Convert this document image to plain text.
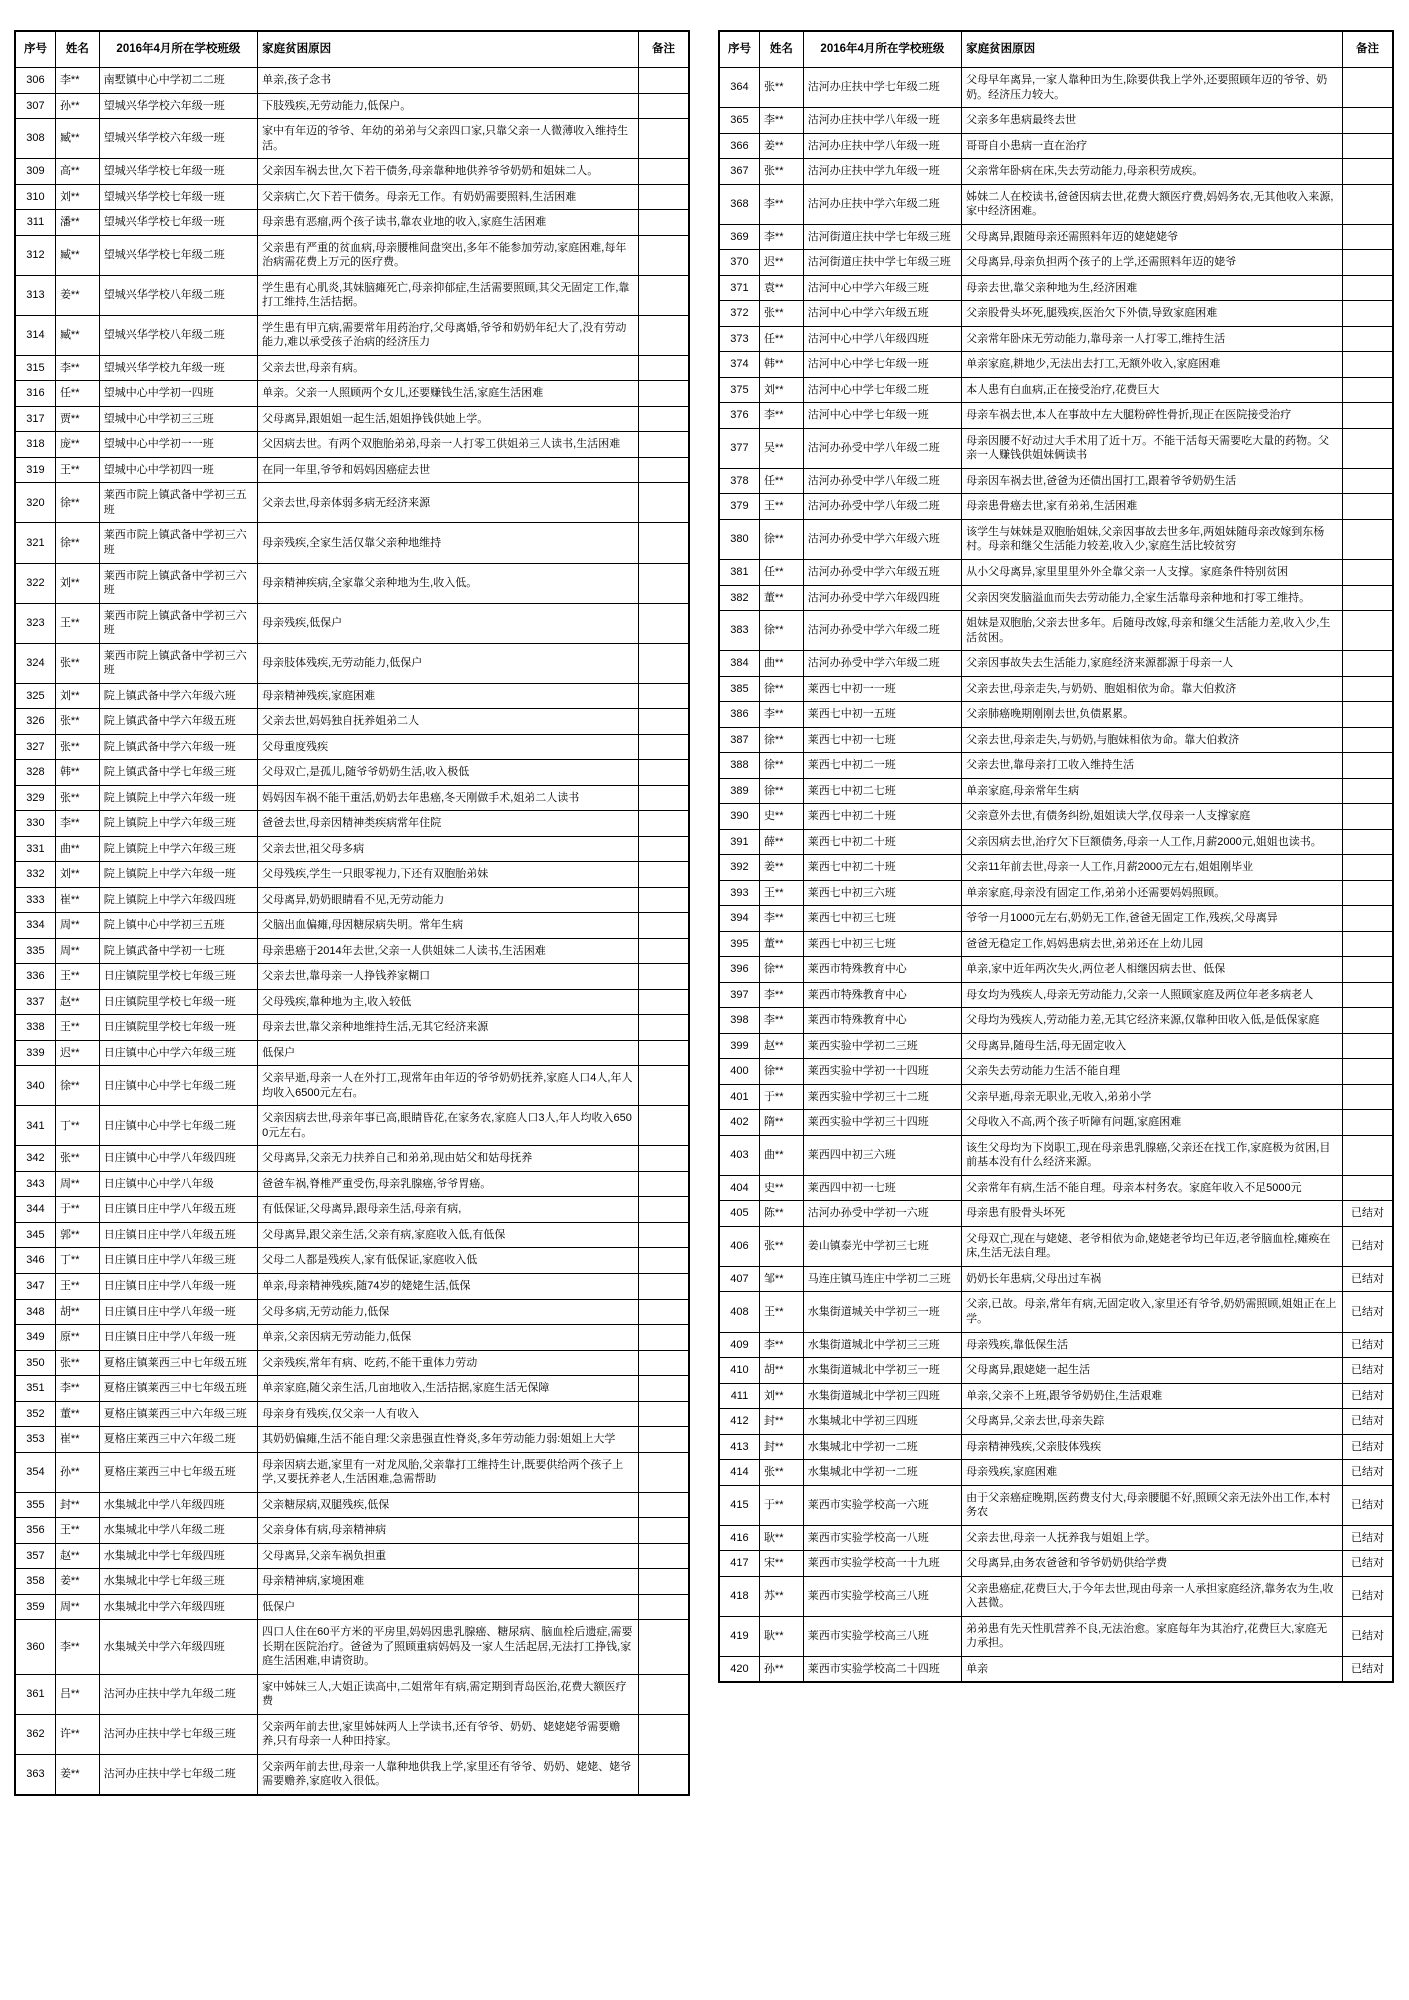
序号	姓名	2016年4月所在学校班级	家庭贫困原因	备注
306	李**	南墅镇中心中学初二二班	单亲,孩子念书	
307	孙**	望城兴华学校六年级一班	下肢残疾,无劳动能力,低保户。	
308	臧**	望城兴华学校六年级一班	家中有年迈的爷爷、年幼的弟弟与父亲四口家,只靠父亲一人微薄收入维持生活。	
309	高**	望城兴华学校七年级一班	父亲因车祸去世,欠下若干债务,母亲靠种地供养爷爷奶奶和姐妹二人。	
310	刘**	望城兴华学校七年级一班	父亲病亡,欠下若干债务。母亲无工作。有奶奶需要照料,生活困难	
311	潘**	望城兴华学校七年级一班	母亲患有恶瘤,两个孩子读书,靠农业地的收入,家庭生活困难	
312	臧**	望城兴华学校七年级二班	父亲患有严重的贫血病,母亲腰椎间盘突出,多年不能参加劳动,家庭困难,每年治病需花费上万元的医疗费。	
313	姜**	望城兴华学校八年级二班	学生患有心肌炎,其妹脑瘫死亡,母亲抑郁症,生活需要照顾,其父无固定工作,靠打工维持,生活拮据。	
314	臧**	望城兴华学校八年级二班	学生患有甲亢病,需要常年用药治疗,父母离婚,爷爷和奶奶年纪大了,没有劳动能力,难以承受孩子治病的经济压力	
315	李**	望城兴华学校九年级一班	父亲去世,母亲有病。	
316	任**	望城中心中学初一四班	单亲。父亲一人照顾两个女儿,还要赚钱生活,家庭生活困难	
317	贾**	望城中心中学初三三班	父母离异,跟姐姐一起生活,姐姐挣钱供她上学。	
318	庞**	望城中心中学初一一班	父因病去世。有两个双胞胎弟弟,母亲一人打零工供姐弟三人读书,生活困难	
319	王**	望城中心中学初四一班	在同一年里,爷爷和妈妈因癌症去世	
320	徐**	莱西市院上镇武备中学初三五班	父亲去世,母亲体弱多病无经济来源	
321	徐**	莱西市院上镇武备中学初三六班	母亲残疾,全家生活仅靠父亲种地维持	
322	刘**	莱西市院上镇武备中学初三六班	母亲精神疾病,全家靠父亲种地为生,收入低。	
323	王**	莱西市院上镇武备中学初三六班	母亲残疾,低保户	
324	张**	莱西市院上镇武备中学初三六班	母亲肢体残疾,无劳动能力,低保户	
325	刘**	院上镇武备中学六年级六班	母亲精神残疾,家庭困难	
326	张**	院上镇武备中学六年级五班	父亲去世,妈妈独自抚养姐弟二人	
327	张**	院上镇武备中学六年级一班	父母重度残疾	
328	韩**	院上镇武备中学七年级三班	父母双亡,是孤儿,随爷爷奶奶生活,收入极低	
329	张**	院上镇院上中学六年级一班	妈妈因车祸不能干重活,奶奶去年患癌,冬天刚做手术,姐弟二人读书	
330	李**	院上镇院上中学六年级三班	爸爸去世,母亲因精神类疾病常年住院	
331	曲**	院上镇院上中学六年级三班	父亲去世,祖父母多病	
332	刘**	院上镇院上中学六年级一班	父母残疾,学生一只眼零视力,下还有双胞胎弟妹	
333	崔**	院上镇院上中学六年级四班	父母离异,奶奶眼睛看不见,无劳动能力	
334	周**	院上镇中心中学初三五班	父脑出血偏瘫,母因糖尿病失明。常年生病	
335	周**	院上镇武备中学初一七班	母亲患癌于2014年去世,父亲一人供姐妹二人读书,生活困难	
336	王**	日庄镇院里学校七年级三班	父亲去世,靠母亲一人挣钱养家糊口	
337	赵**	日庄镇院里学校七年级一班	父母残疾,靠种地为主,收入较低	
338	王**	日庄镇院里学校七年级一班	母亲去世,靠父亲种地维持生活,无其它经济来源	
339	迟**	日庄镇中心中学六年级三班	低保户	
340	徐**	日庄镇中心中学七年级二班	父亲早逝,母亲一人在外打工,现常年由年迈的爷爷奶奶抚养,家庭人口4人,年人均收入6500元左右。	
341	丁**	日庄镇中心中学七年级二班	父亲因病去世,母亲年事已高,眼睛昏花,在家务农,家庭人口3人,年人均收入6500元左右。	
342	张**	日庄镇中心中学八年级四班	父母离异,父亲无力扶养自己和弟弟,现由姑父和姑母抚养	
343	周**	日庄镇中心中学八年级	爸爸车祸,脊椎严重受伤,母亲乳腺癌,爷爷胃癌。	
344	于**	日庄镇日庄中学八年级五班	有低保证,父母离异,跟母亲生活,母亲有病,	
345	郭**	日庄镇日庄中学八年级五班	父母离异,跟父亲生活,父亲有病,家庭收入低,有低保	
346	丁**	日庄镇日庄中学八年级三班	父母二人都是残疾人,家有低保证,家庭收入低	
347	王**	日庄镇日庄中学八年级一班	单亲,母亲精神残疾,随74岁的姥姥生活,低保	
348	胡**	日庄镇日庄中学八年级一班	父母多病,无劳动能力,低保	
349	原**	日庄镇日庄中学八年级一班	单亲,父亲因病无劳动能力,低保	
350	张**	夏格庄镇莱西三中七年级五班	父亲残疾,常年有病、吃药,不能干重体力劳动	
351	李**	夏格庄镇莱西三中七年级五班	单亲家庭,随父亲生活,几亩地收入,生活拮据,家庭生活无保障	
352	董**	夏格庄镇莱西三中六年级三班	母亲身有残疾,仅父亲一人有收入	
353	崔**	夏格庄莱西三中六年级二班	其奶奶偏瘫,生活不能自理:父亲患强直性脊炎,多年劳动能力弱:姐姐上大学	
354	孙**	夏格庄莱西三中七年级五班	母亲因病去逝,家里有一对龙凤胎,父亲靠打工维持生计,既要供给两个孩子上学,又要抚养老人,生活困难,急需帮助	
355	封**	水集城北中学八年级四班	父亲糖尿病,双腿残疾,低保	
356	王**	水集城北中学八年级二班	父亲身体有病,母亲精神病	
357	赵**	水集城北中学七年级四班	父母离异,父亲车祸负担重	
358	姜**	水集城北中学七年级三班	母亲精神病,家境困难	
359	周**	水集城北中学六年级四班	低保户	
360	李**	水集城关中学六年级四班	四口人住在60平方米的平房里,妈妈因患乳腺癌、糖尿病、脑血栓后遗症,需要长期在医院治疗。爸爸为了照顾重病妈妈及一家人生活起居,无法打工挣钱,家庭生活困难,申请资助。	
361	吕**	沽河办庄扶中学九年级二班	家中姊妹三人,大姐正读高中,二姐常年有病,需定期到青岛医治,花费大额医疗费	
362	许**	沽河办庄扶中学七年级三班	父亲两年前去世,家里姊妹两人上学读书,还有爷爷、奶奶、姥姥姥爷需要赡养,只有母亲一人种田持家。	
363	姜**	沽河办庄扶中学七年级二班	父亲两年前去世,母亲一人靠种地供我上学,家里还有爷爷、奶奶、姥姥、姥爷需要赡养,家庭收入很低。	
序号	姓名	2016年4月所在学校班级	家庭贫困原因	备注
364	张**	沽河办庄扶中学七年级二班	父母早年离异,一家人靠种田为生,除要供我上学外,还要照顾年迈的爷爷、奶奶。经济压力较大。	
365	李**	沽河办庄扶中学八年级一班	父亲多年患病最终去世	
366	姜**	沽河办庄扶中学八年级一班	哥哥自小患病一直在治疗	
367	张**	沽河办庄扶中学九年级一班	父亲常年卧病在床,失去劳动能力,母亲积劳成疾。	
368	李**	沽河办庄扶中学六年级二班	姊妹二人在校读书,爸爸因病去世,花费大额医疗费,妈妈务农,无其他收入来源,家中经济困难。	
369	李**	沽河街道庄扶中学七年级三班	父母离异,跟随母亲还需照料年迈的姥姥姥爷	
370	迟**	沽河街道庄扶中学七年级三班	父母离异,母亲负担两个孩子的上学,还需照料年迈的姥爷	
371	袁**	沽河中心中学六年级三班	母亲去世,靠父亲种地为生,经济困难	
372	张**	沽河中心中学六年级五班	父亲股骨头坏死,腿残疾,医治欠下外债,导致家庭困难	
373	任**	沽河中心中学八年级四班	父亲常年卧床无劳动能力,靠母亲一人打零工,维持生活	
374	韩**	沽河中心中学七年级一班	单亲家庭,耕地少,无法出去打工,无额外收入,家庭困难	
375	刘**	沽河中心中学七年级二班	本人患有白血病,正在接受治疗,花费巨大	
376	李**	沽河中心中学七年级一班	母亲车祸去世,本人在事故中左大腿粉碎性骨折,现正在医院接受治疗	
377	吴**	沽河办孙受中学八年级二班	母亲因腰不好动过大手术用了近十万。不能干活每天需要吃大量的药物。父亲一人赚钱供姐妹俩读书	
378	任**	沽河办孙受中学八年级二班	母亲因车祸去世,爸爸为还债出国打工,跟着爷爷奶奶生活	
379	王**	沽河办孙受中学八年级二班	母亲患骨癌去世,家有弟弟,生活困难	
380	徐**	沽河办孙受中学六年级六班	该学生与妹妹是双胞胎姐妹,父亲因事故去世多年,两姐妹随母亲改嫁到东杨村。母亲和继父生活能力较差,收入少,家庭生活比较贫穷	
381	任**	沽河办孙受中学六年级五班	从小父母离异,家里里里外外全靠父亲一人支撑。家庭条件特别贫困	
382	董**	沽河办孙受中学六年级四班	父亲因突发脑溢血而失去劳动能力,全家生活靠母亲种地和打零工维持。	
383	徐**	沽河办孙受中学六年级二班	姐妹是双胞胎,父亲去世多年。后随母改嫁,母亲和继父生活能力差,收入少,生活贫困。	
384	曲**	沽河办孙受中学六年级二班	父亲因事故失去生活能力,家庭经济来源都源于母亲一人	
385	徐**	莱西七中初一一班	父亲去世,母亲走失,与奶奶、胞姐相依为命。靠大伯救济	
386	李**	莱西七中初一五班	父亲肺癌晚期刚刚去世,负债累累。	
387	徐**	莱西七中初一七班	父亲去世,母亲走失,与奶奶,与胞妹相依为命。靠大伯救济	
388	徐**	莱西七中初二一班	父亲去世,靠母亲打工收入维持生活	
389	徐**	莱西七中初二七班	单亲家庭,母亲常年生病	
390	史**	莱西七中初二十班	父亲意外去世,有债务纠纷,姐姐读大学,仅母亲一人支撑家庭	
391	薛**	莱西七中初二十班	父亲因病去世,治疗欠下巨额债务,母亲一人工作,月薪2000元,姐姐也读书。	
392	姜**	莱西七中初二十班	父亲11年前去世,母亲一人工作,月薪2000元左右,姐姐刚毕业	
393	王**	莱西七中初三六班	单亲家庭,母亲没有固定工作,弟弟小还需要妈妈照顾。	
394	李**	莱西七中初三七班	爷爷一月1000元左右,奶奶无工作,爸爸无固定工作,残疾,父母离异	
395	董**	莱西七中初三七班	爸爸无稳定工作,妈妈患病去世,弟弟还在上幼儿园	
396	徐**	莱西市特殊教育中心	单亲,家中近年两次失火,两位老人相继因病去世、低保	
397	李**	莱西市特殊教育中心	母女均为残疾人,母亲无劳动能力,父亲一人照顾家庭及两位年老多病老人	
398	李**	莱西市特殊教育中心	父母均为残疾人,劳动能力差,无其它经济来源,仅靠种田收入低,是低保家庭	
399	赵**	莱西实验中学初二三班	父母离异,随母生活,母无固定收入	
400	徐**	莱西实验中学初一十四班	父亲失去劳动能力生活不能自理	
401	于**	莱西实验中学初三十二班	父亲早逝,母亲无职业,无收入,弟弟小学	
402	隋**	莱西实验中学初三十四班	父母收入不高,两个孩子听障有问题,家庭困难	
403	曲**	莱西四中初三六班	该生父母均为下岗职工,现在母亲患乳腺癌,父亲还在找工作,家庭极为贫困,目前基本没有什么经济来源。	
404	史**	莱西四中初一七班	父亲常年有病,生活不能自理。母亲本村务农。家庭年收入不足5000元	
405	陈**	沽河办孙受中学初一六班	母亲患有股骨头坏死	已结对
406	张**	姜山镇泰光中学初三七班	父母双亡,现在与姥姥、老爷相依为命,姥姥老爷均已年迈,老爷脑血栓,瘫痪在床,生活无法自理。	已结对
407	邹**	马连庄镇马连庄中学初二三班	奶奶长年患病,父母出过车祸	已结对
408	王**	水集街道城关中学初三一班	父亲,已故。母亲,常年有病,无固定收入,家里还有爷爷,奶奶需照顾,姐姐正在上学。	已结对
409	李**	水集街道城北中学初三三班	母亲残疾,靠低保生活	已结对
410	胡**	水集街道城北中学初三一班	父母离异,跟姥姥一起生活	已结对
411	刘**	水集街道城北中学初三四班	单亲,父亲不上班,跟爷爷奶奶住,生活艰难	已结对
412	封**	水集城北中学初三四班	父母离异,父亲去世,母亲失踪	已结对
413	封**	水集城北中学初一二班	母亲精神残疾,父亲肢体残疾	已结对
414	张**	水集城北中学初一二班	母亲残疾,家庭困难	已结对
415	于**	莱西市实验学校高一六班	由于父亲癌症晚期,医药费支付大,母亲腰腿不好,照顾父亲无法外出工作,本村务农	已结对
416	耿**	莱西市实验学校高一八班	父亲去世,母亲一人抚养我与姐姐上学。	已结对
417	宋**	莱西市实验学校高一十九班	父母离异,由务农爸爸和爷爷奶奶供给学费	已结对
418	苏**	莱西市实验学校高三八班	父亲患癌症,花费巨大,于今年去世,现由母亲一人承担家庭经济,靠务农为生,收入甚微。	已结对
419	耿**	莱西市实验学校高三八班	弟弟患有先天性肌营养不良,无法治愈。家庭每年为其治疗,花费巨大,家庭无力承担。	已结对
420	孙**	莱西市实验学校高二十四班	单亲	已结对
